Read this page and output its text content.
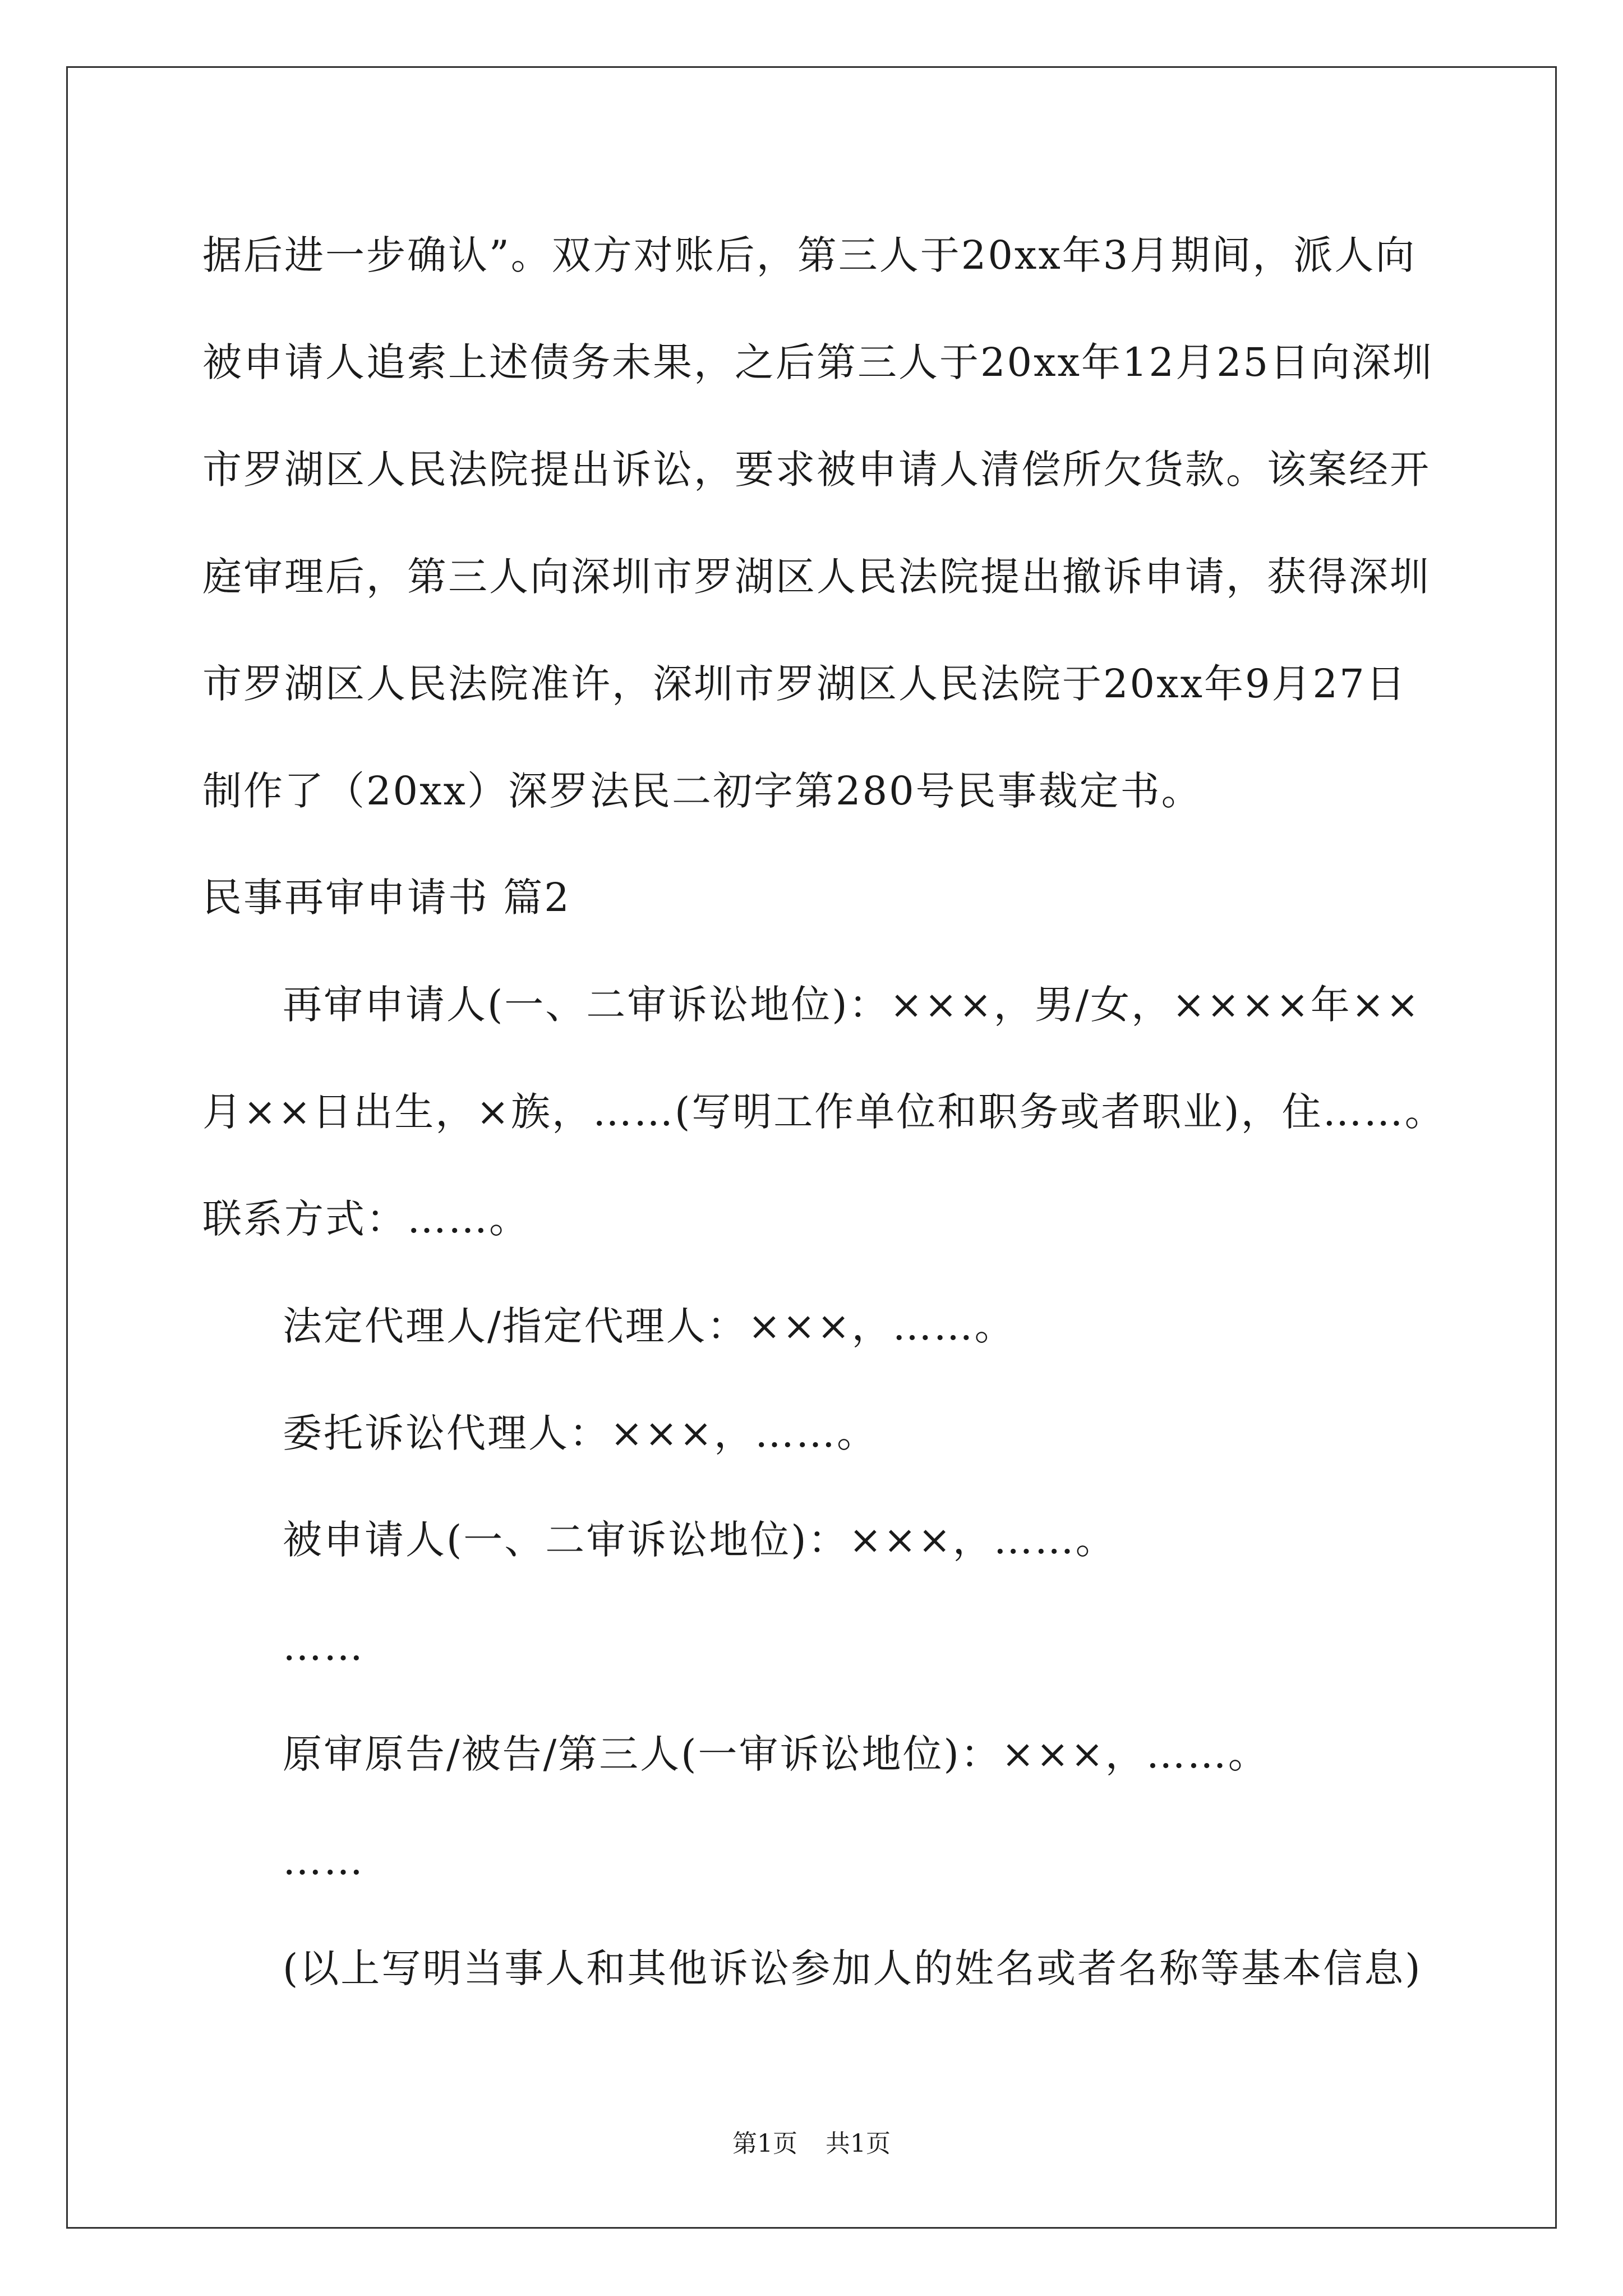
据后进一步确认”。双方对账后，第三人于20xx年3月期间，派人向
被申请人追索上述债务未果，之后第三人于20xx年12月25日向深圳
市罗湖区人民法院提出诉讼，要求被申请人清偿所欠货款。该案经开
庭审理后，第三人向深圳市罗湖区人民法院提出撤诉申请，获得深圳
市罗湖区人民法院准许，深圳市罗湖区人民法院于20xx年9月27日
制作了（20xx）深罗法民二初字第280号民事裁定书。
民事再审申请书 篇2
再审申请人(一、二审诉讼地位)：×××，男/女，××××年××
月××日出生，×族，……(写明工作单位和职务或者职业)，住……。
联系方式：……。
法定代理人/指定代理人：×××，……。
委托诉讼代理人：×××，……。
被申请人(一、二审诉讼地位)：×××，……。
……
原审原告/被告/第三人(一审诉讼地位)：×××，……。
……
(以上写明当事人和其他诉讼参加人的姓名或者名称等基本信息)
第1页 共1页
